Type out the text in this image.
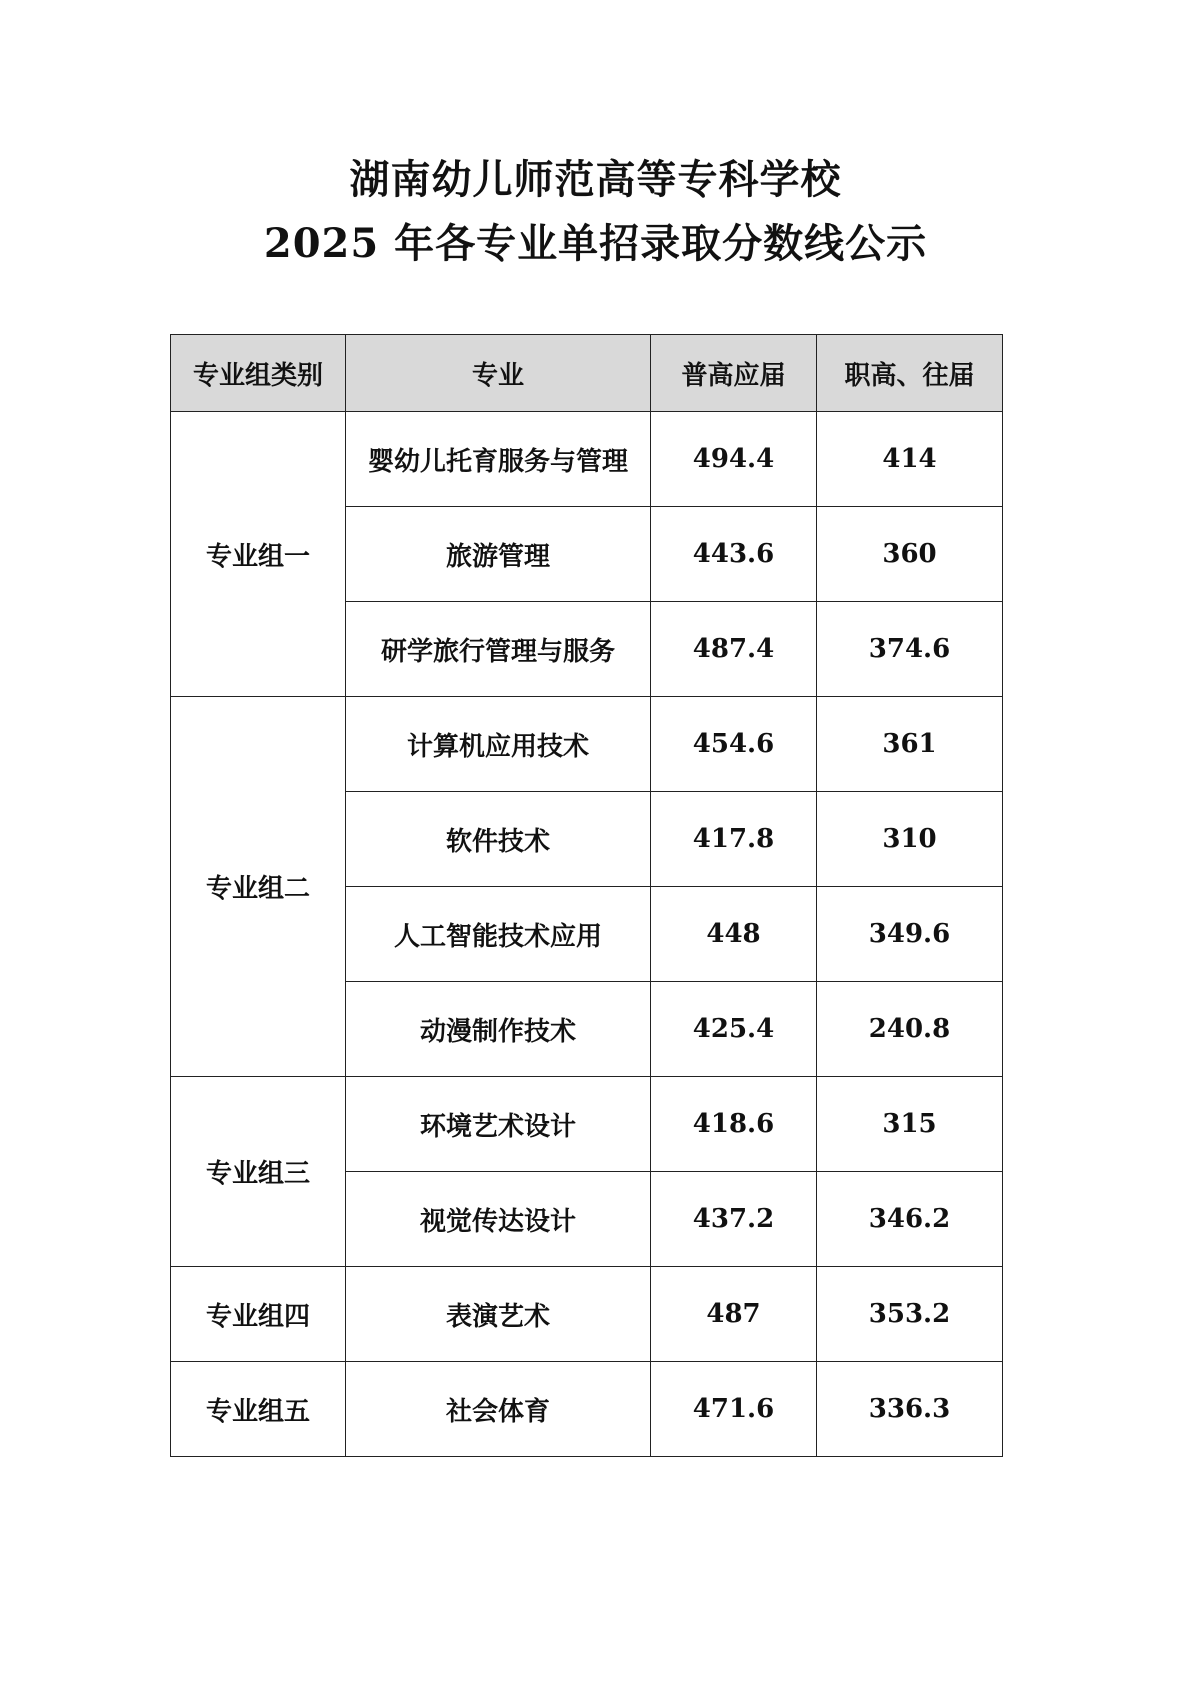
湖南幼儿师范高等专科学校
2025 年各专业单招录取分数线公示
专业组类别	专业	普高应届	职高、往届
专业组一	婴幼儿托育服务与管理	494.4	414
	旅游管理	443.6	360
	研学旅行管理与服务	487.4	374.6
专业组二	计算机应用技术	454.6	361
	软件技术	417.8	310
	人工智能技术应用	448	349.6
	动漫制作技术	425.4	240.8
专业组三	环境艺术设计	418.6	315
	视觉传达设计	437.2	346.2
专业组四	表演艺术	487	353.2
专业组五	社会体育	471.6	336.3
